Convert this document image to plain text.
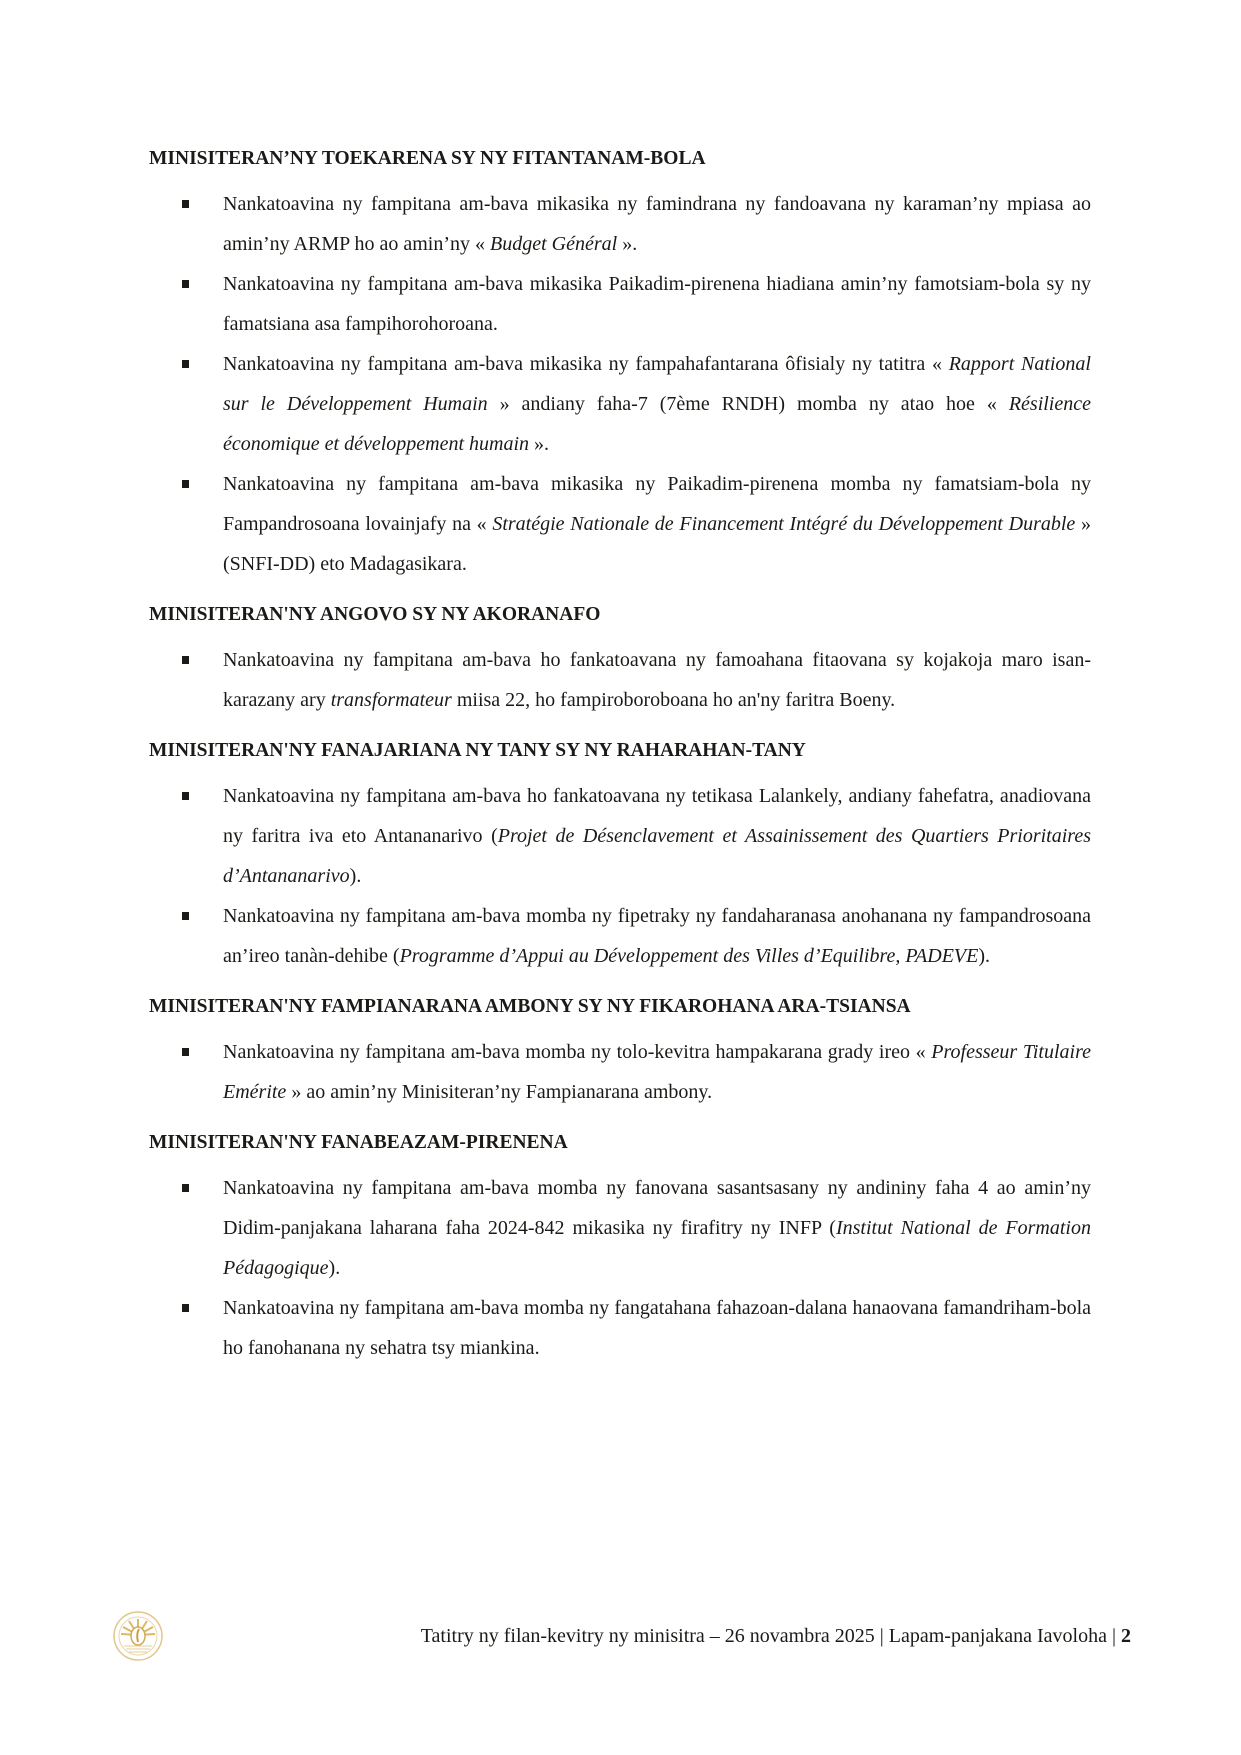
MINISITERAN’NY TOEKARENA SY NY FITANTANAM-BOLA
Nankatoavina ny fampitana am-bava mikasika ny famindrana ny fandoavana ny karaman’ny mpiasa ao amin’ny ARMP ho ao amin’ny « Budget Général ».
Nankatoavina ny fampitana am-bava mikasika Paikadim-pirenena hiadiana amin’ny famotsiam-bola sy ny famatsiana asa fampihorohoroana.
Nankatoavina ny fampitana am-bava mikasika ny fampahafantarana ôfisialy ny tatitra « Rapport National sur le Développement Humain » andiany faha-7 (7ème RNDH) momba ny atao hoe « Résilience économique et développement humain ».
Nankatoavina ny fampitana am-bava mikasika ny Paikadim-pirenena momba ny famatsiam-bola ny Fampandrosoana lovainjafy na « Stratégie Nationale de Financement Intégré du Développement Durable » (SNFI-DD) eto Madagasikara.
MINISITERAN'NY ANGOVO SY NY AKORANAFO
Nankatoavina ny fampitana am-bava ho fankatoavana ny famoahana fitaovana sy kojakoja maro isan-karazany ary transformateur miisa 22, ho fampiroboroboana ho an'ny faritra Boeny.
MINISITERAN'NY FANAJARIANA NY TANY SY NY RAHARAHAN-TANY
Nankatoavina ny fampitana am-bava ho fankatoavana ny tetikasa Lalankely, andiany fahefatra, anadiovana ny faritra iva eto Antananarivo (Projet de Désenclavement et Assainissement des Quartiers Prioritaires d’Antananarivo).
Nankatoavina ny fampitana am-bava momba ny fipetraky ny fandaharanasa anohanana ny fampandrosoana an’ireo tanàn-dehibe (Programme d’Appui au Développement des Villes d’Equilibre, PADEVE).
MINISITERAN'NY FAMPIANARANA AMBONY SY NY FIKAROHANA ARA-TSIANSA
Nankatoavina ny fampitana am-bava momba ny tolo-kevitra hampakarana grady ireo « Professeur Titulaire Emérite » ao amin’ny Minisiteran’ny Fampianarana ambony.
MINISITERAN'NY FANABEAZAM-PIRENENA
Nankatoavina ny fampitana am-bava momba ny fanovana sasantsasany ny andininy faha 4 ao amin’ny Didim-panjakana laharana faha 2024-842 mikasika ny firafitry ny INFP (Institut National de Formation Pédagogique).
Nankatoavina ny fampitana am-bava momba ny fangatahana fahazoan-dalana hanaovana famandriham-bola ho fanohanana ny sehatra tsy miankina.
Tatitry ny filan-kevitry ny minisitra – 26 novambra 2025 | Lapam-panjakana Iavoloha | 2
